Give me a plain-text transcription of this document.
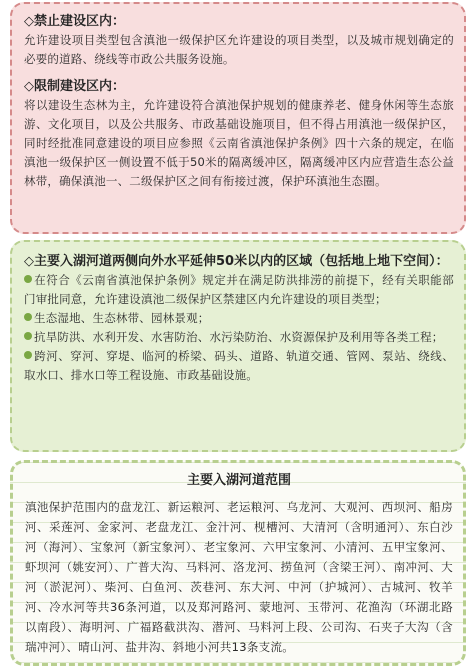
◇禁止建设区内：

允许建设项目类型包含滇池一级保护区允许建设的项目类型，以及城市规划确定的必要的道路、绕线等市政公共服务设施。

◇限制建设区内：

将以建设生态林为主，允许建设符合滇池保护规划的健康养老、健身休闲等生态旅游、文化项目，以及公共服务、市政基础设施项目，但不得占用滇池一级保护区，同时经批准同意建设的项目应参照《云南省滇池保护条例》四十六条的规定，在临滇池一级保护区一侧设置不低于50米的隔离缓冲区，隔离缓冲区内应营造生态公益林带，确保滇池一、二级保护区之间有衔接过渡，保护环滇池生态圈。

◇主要入湖河道两侧向外水平延伸50米以内的区域（包括地上地下空间）：

在符合《云南省滇池保护条例》规定并在满足防洪排涝的前提下，经有关职能部门审批同意，允许建设滇池二级保护区禁建区内允许建设的项目类型；

生态湿地、生态林带、园林景观；

抗旱防洪、水利开发、水害防治、水污染防治、水资源保护及利用等各类工程；

跨河、穿河、穿堤、临河的桥梁、码头、道路、轨道交通、管网、泵站、绕线、取水口、排水口等工程设施、市政基础设施。

主要入湖河道范围

滇池保护范围内的盘龙江、新运粮河、老运粮河、乌龙河、大观河、西坝河、船房河、采莲河、金家河、老盘龙江、金汁河、枧槽河、大清河（含明通河）、东白沙河（海河）、宝象河（新宝象河）、老宝象河、六甲宝象河、小清河、五甲宝象河、虾坝河（姚安河）、广普大沟、马料河、洛龙河、捞鱼河（含梁王河）、南冲河、大河（淤泥河）、柴河、白鱼河、茨巷河、东大河、中河（护城河）、古城河、牧羊河、冷水河等共36条河道，以及郑河路河、蒙地河、玉带河、花渔沟（环湖北路以南段）、海明河、广福路截洪沟、潜河、马料河上段、公司沟、石夹子大沟（含瑞冲河）、晴山河、盐井沟、斜地小河共13条支流。
